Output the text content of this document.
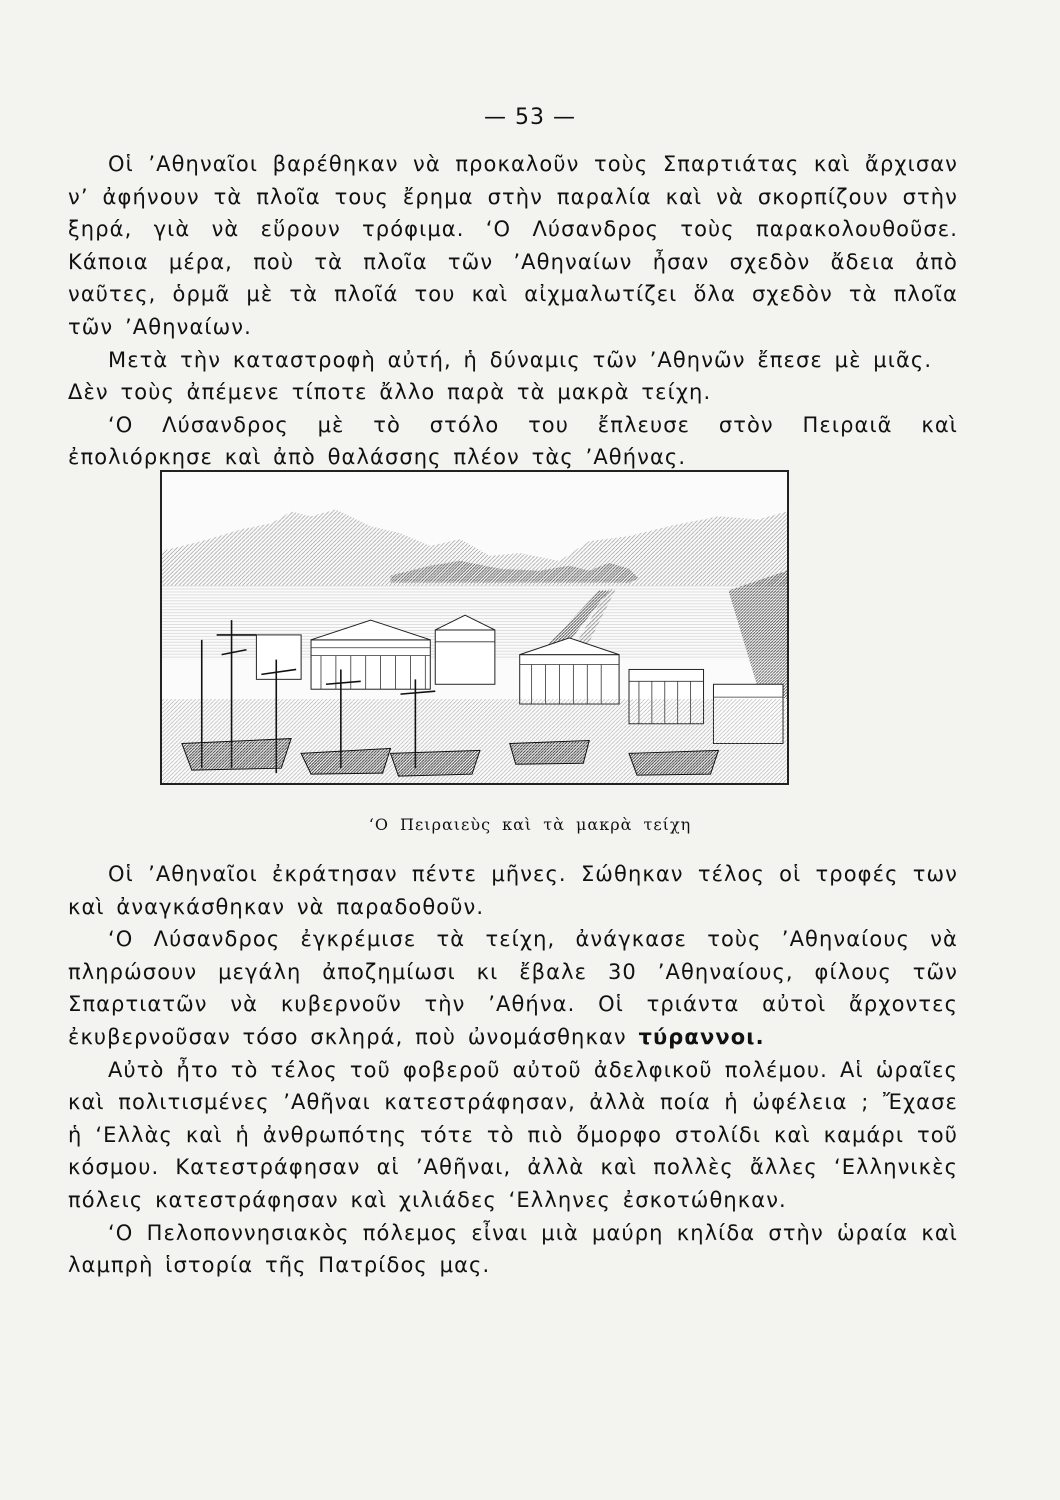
— 53 —

Οἱ ’Αθηναῖοι βαρέθηκαν νὰ προκαλοῦν τοὺς Σπαρτιάτας καὶ ἄρχισαν ν’ ἀφήνουν τὰ πλοῖα τους ἔρημα στὴν παραλία καὶ νὰ σκορπίζουν στὴν ξηρά, γιὰ νὰ εὕρουν τρόφιμα. ‘Ο Λύσανδρος τοὺς παρακολουθοῦσε. Κάποια μέρα, ποὺ τὰ πλοῖα τῶν ’Αθηναίων ἦσαν σχεδὸν ἄδεια ἀπὸ ναῦτες, ὁρμᾶ μὲ τὰ πλοῖά του καὶ αἰχμαλωτίζει ὅλα σχεδὸν τὰ πλοῖα τῶν ’Αθηναίων.

Μετὰ τὴν καταστροφὴ αὐτή, ἡ δύναμις τῶν ’Αθηνῶν ἔπεσε μὲ μιᾶς.

Δὲν τοὺς ἀπέμενε τίποτε ἄλλο παρὰ τὰ μακρὰ τείχη.

‘Ο Λύσανδρος μὲ τὸ στόλο του ἔπλευσε στὸν Πειραιᾶ καὶ ἐπολιόρκησε καὶ ἀπὸ θαλάσσης πλέον τὰς ’Αθήνας.

‘Ο Πειραιεὺς καὶ τὰ μακρὰ τείχη

Οἱ ’Αθηναῖοι ἐκράτησαν πέντε μῆνες. Σώθηκαν τέλος οἱ τροφές των καὶ ἀναγκάσθηκαν νὰ παραδοθοῦν.

‘Ο Λύσανδρος ἐγκρέμισε τὰ τείχη, ἀνάγκασε τοὺς ’Αθηναίους νὰ πληρώσουν μεγάλη ἀποζημίωσι κι ἔβαλε 30 ’Αθηναίους, φίλους τῶν Σπαρτιατῶν νὰ κυβερνοῦν τὴν ’Αθήνα. Οἱ τριάντα αὐτοὶ ἄρχοντες ἐκυβερνοῦσαν τόσο σκληρά, ποὺ ὠνομάσθηκαν τύραννοι.

Αὐτὸ ἦτο τὸ τέλος τοῦ φοβεροῦ αὐτοῦ ἀδελφικοῦ πολέμου. Αἱ ὡραῖες καὶ πολιτισμένες ’Αθῆναι κατεστράφησαν, ἀλλὰ ποία ἡ ὠφέλεια ; Ἔχασε ἡ ‘Ελλὰς καὶ ἡ ἀνθρωπότης τότε τὸ πιὸ ὄμορφο στολίδι καὶ καμάρι τοῦ κόσμου. Κατεστράφησαν αἱ ’Αθῆναι, ἀλλὰ καὶ πολλὲς ἄλλες ‘Ελληνικὲς πόλεις κατεστράφησαν καὶ χιλιάδες ‘Ελληνες ἐσκοτώθηκαν.

‘Ο Πελοποννησιακὸς πόλεμος εἶναι μιὰ μαύρη κηλίδα στὴν ὡραία καὶ λαμπρὴ ἱστορία τῆς Πατρίδος μας.
